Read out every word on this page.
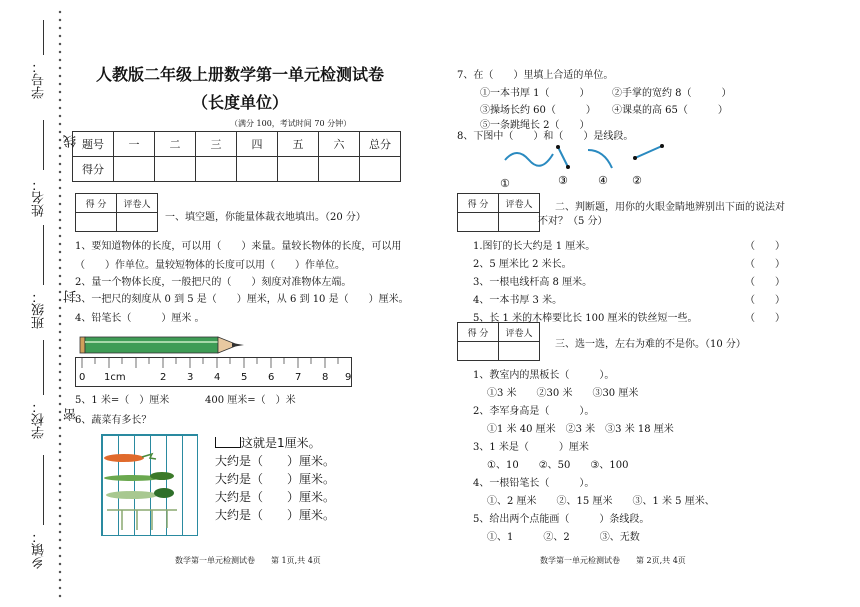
学号：
线
姓名：
班级： 封
学校： 密
乡镇：
人教版二年级上册数学第一单元检测试卷
（长度单位）
（满分 100，考试时间 70 分钟）
题号	一	二	三	四	五	六	总分
得分							
得 分	评卷人

一、填空题，你能量体裁衣地填出。（20 分）
1、要知道物体的长度，可以用（　　）来量。量较长物体的长度，可以用
（　　）作单位。量较短物体的长度可以用（　　）作单位。
2、量一个物体长度，一般把尺的（　　）刻度对准物体左端。
3、一把尺的刻度从 0 到 5 是（　　）厘米，从 6 到 10 是（　　）厘米。
4、铅笔长（　　　）厘米 。
0 1cm	2 3 4 5 6 7 8 9
5、1 米=（　）厘米	400 厘米=（　）米
6、蔬菜有多长？
这就是1厘米。
大约是（　　）厘米。
大约是（　　）厘米。
大约是（　　）厘米。
大约是（　　）厘米。
数学第一单元检测试卷　　第 1页,共 4页
7、在（　　）里填上合适的单位。
①一本书厚 1（　　　） ②手掌的宽约 8（　　　）
③操场长约 60（　　　） ④课桌的高 65（　　　）
⑤一条跳绳长 2（　　）
8、下图中（　　）和（　　）是线段。
①	③	④ ②
得 分	评卷人
	二、判断题，用你的火眼金睛地辨别出下面的说法对
不对？（5 分）
1.图钉的长大约是 1 厘米。	（　　）
2、5 厘米比 2 米长。	（　　）
3、一根电线杆高 8 厘米。	（　　）
4、一本书厚 3 米。	（　　）
5、长 1 米的木棒要比长 100 厘米的铁丝短一些。	（　　）
得 分	评卷人

三、选一选，左右为难的不是你。（10 分）
1、教室内的黑板长（　　　）。
①3 米　　②30 米　　③30 厘米
2、李军身高是（　　　）。
①1 米 40 厘米　②3 米　③3 米 18 厘米
3、1 米是（　　　）厘米
①、10　　②、50　　③、100
4、一根铅笔长（　　　）。
①、2 厘米　　②、15 厘米　　③、1 米 5 厘米、
5、给出两个点能画（　　　）条线段。
①、1　　　②、2　　　③、无数
数学第一单元检测试卷　　第 2页,共 4页
